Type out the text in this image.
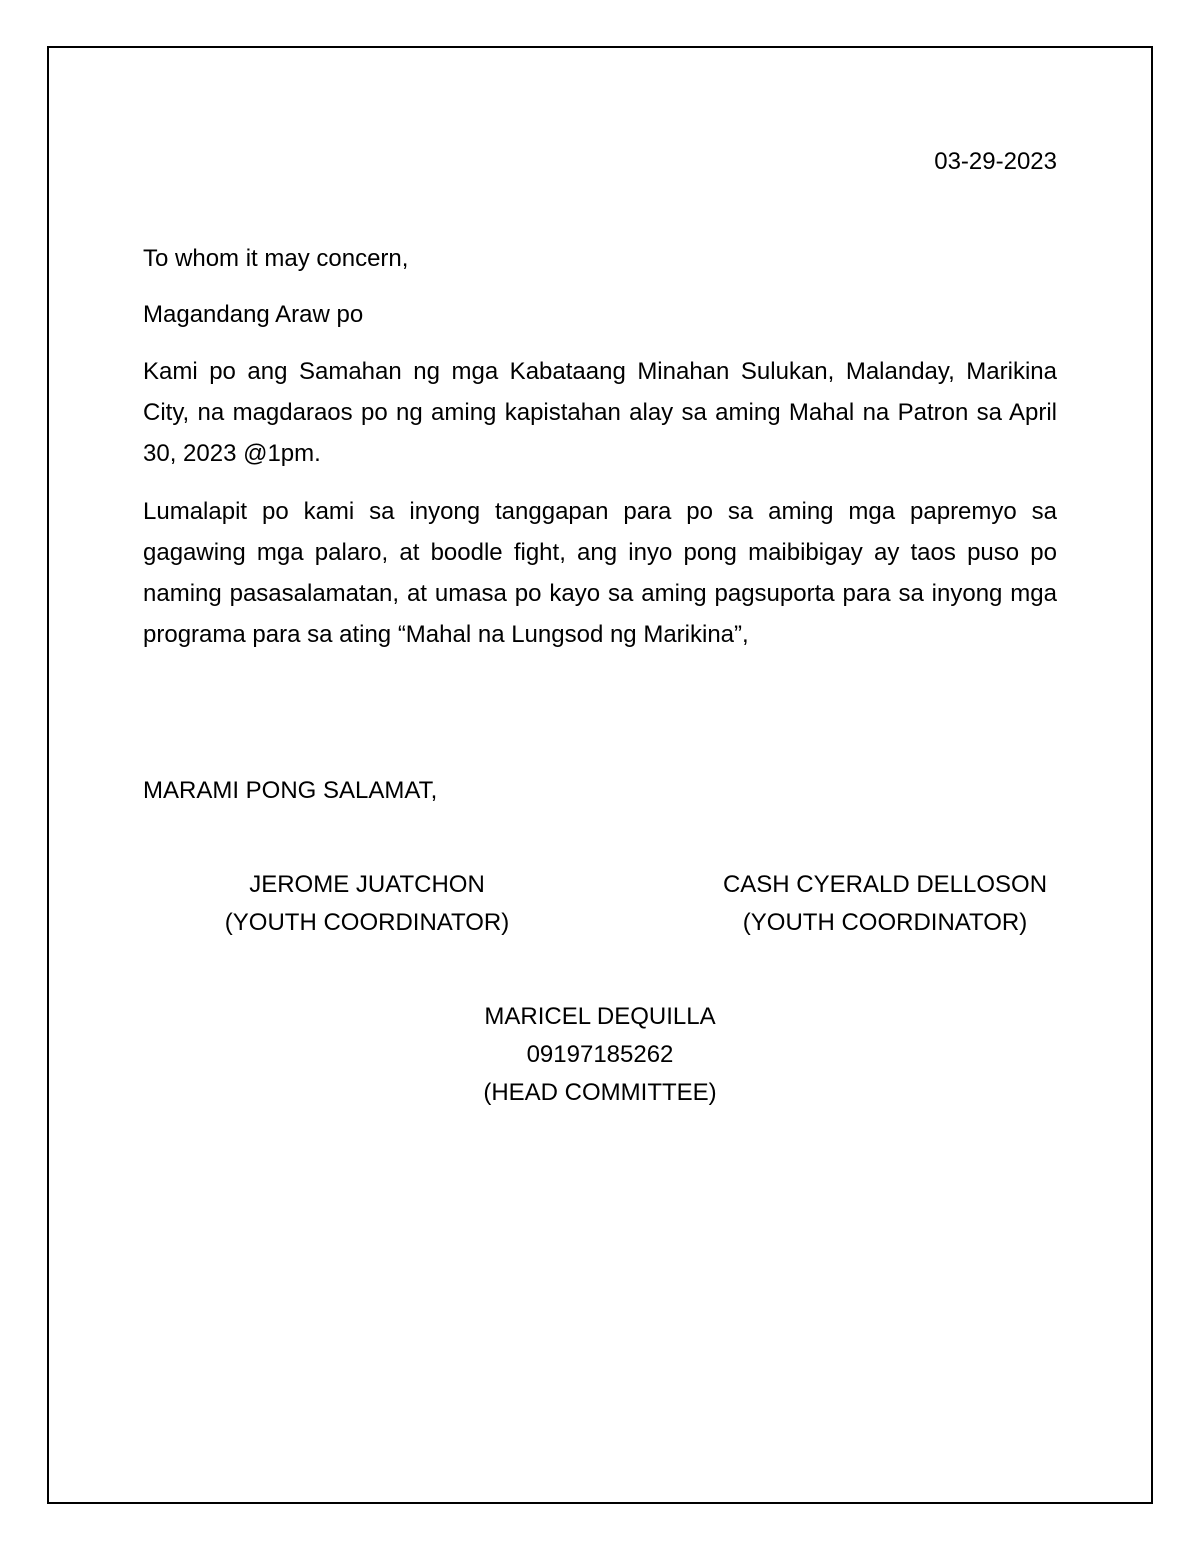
03-29-2023
To whom it may concern,
Magandang Araw po
Kami po ang Samahan ng mga Kabataang Minahan Sulukan, Malanday, Marikina City, na magdaraos po ng aming kapistahan alay sa aming Mahal na Patron sa April 30, 2023 @1pm.
Lumalapit po kami sa inyong tanggapan para po sa aming mga papremyo sa gagawing mga palaro, at boodle fight, ang inyo pong maibibigay ay taos puso po naming pasasalamatan, at umasa po kayo sa aming pagsuporta para sa inyong mga programa para sa ating “Mahal na Lungsod ng Marikina”,
MARAMI PONG SALAMAT,
JEROME JUATCHON
(YOUTH COORDINATOR)
CASH CYERALD DELLOSON
(YOUTH COORDINATOR)
MARICEL DEQUILLA
09197185262
(HEAD COMMITTEE)
